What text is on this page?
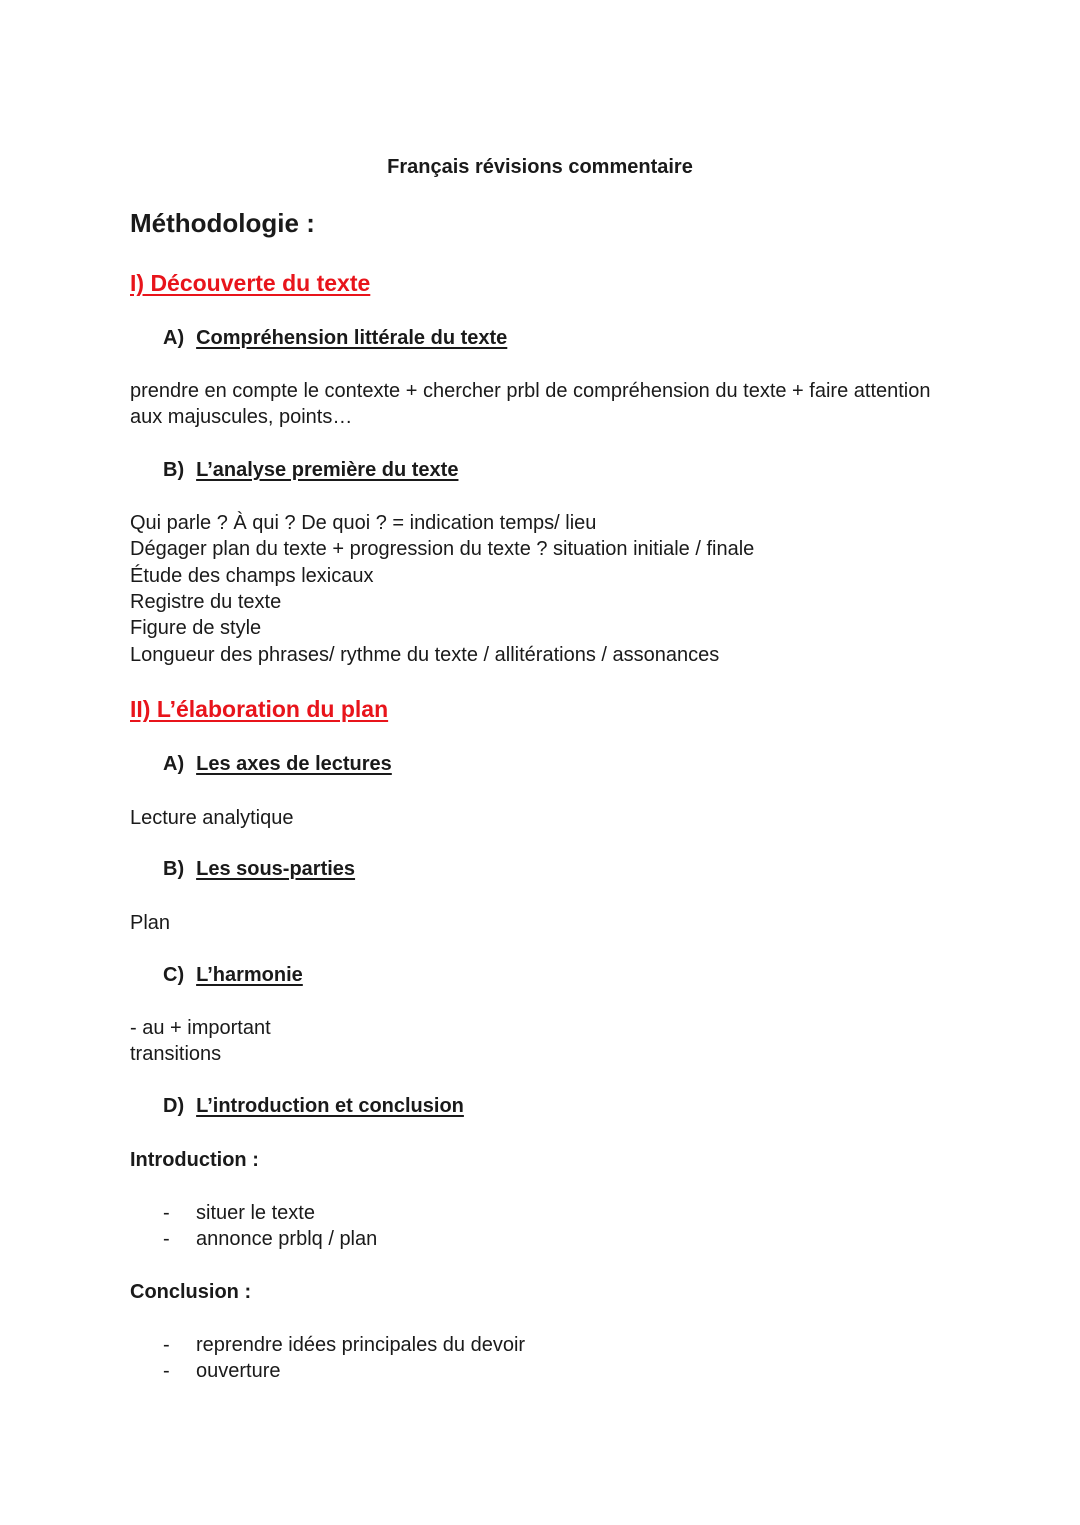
Français révisions commentaire
Méthodologie :
I) Découverte du texte
A) Compréhension littérale du texte
prendre en compte le contexte + chercher prbl de compréhension du texte + faire attention
aux majuscules, points…
B) L’analyse première du texte
Qui parle ? À qui ? De quoi ? = indication temps/ lieu
Dégager plan du texte + progression du texte ? situation initiale / finale
Étude des champs lexicaux
Registre du texte
Figure de style
Longueur des phrases/ rythme du texte / allitérations / assonances
II) L’élaboration du plan
A) Les axes de lectures
Lecture analytique
B) Les sous-parties
Plan
C) L’harmonie
- au + important
transitions
D) L’introduction et conclusion
Introduction :
- situer le texte
- annonce prblq / plan
Conclusion :
- reprendre idées principales du devoir
- ouverture
